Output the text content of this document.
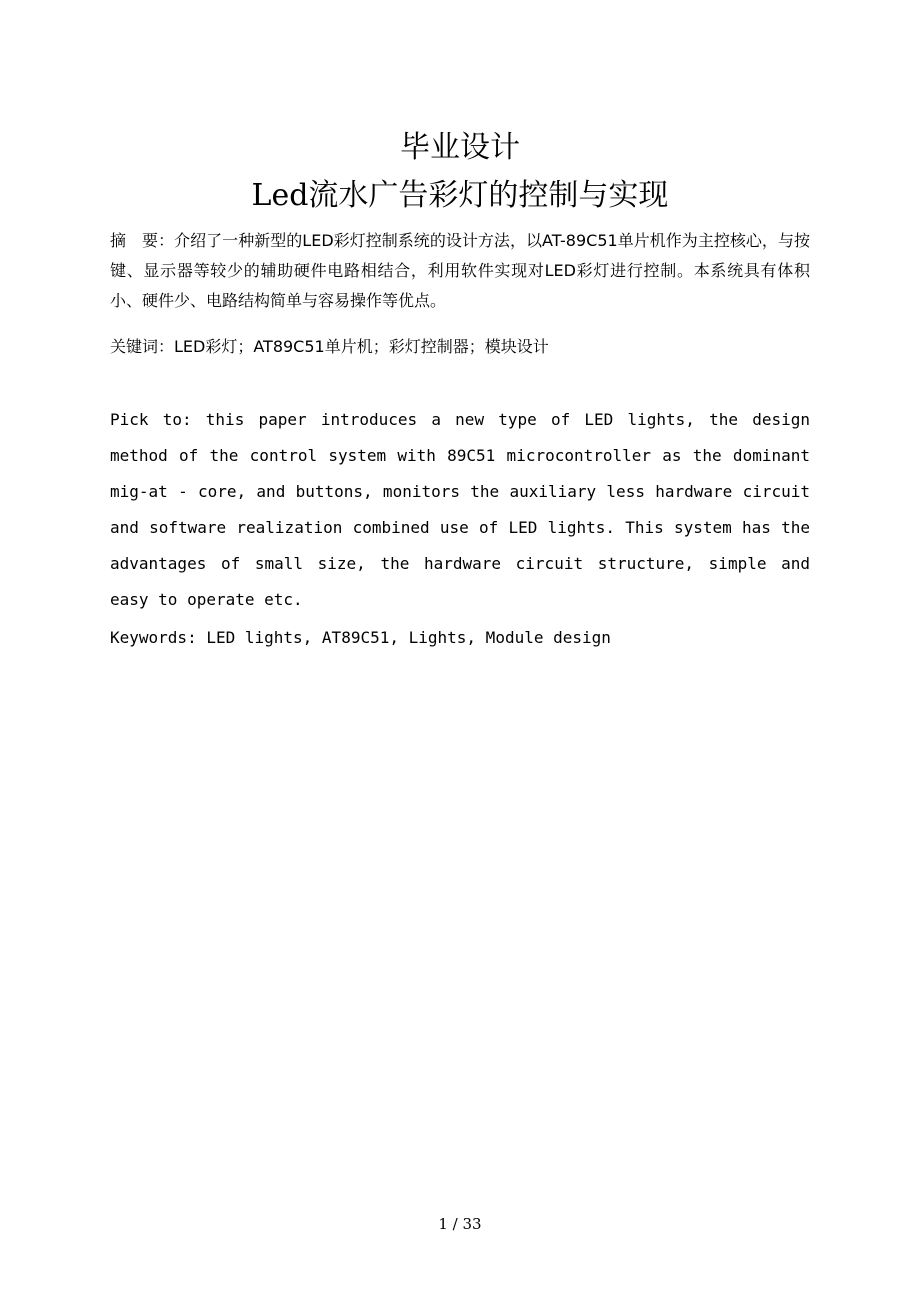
毕业设计
Led流水广告彩灯的控制与实现

摘　要：介绍了一种新型的LED彩灯控制系统的设计方法，以AT-89C51单片机作为主控核心，与按键、显示器等较少的辅助硬件电路相结合，利用软件实现对LED彩灯进行控制。本系统具有体积小、硬件少、电路结构简单与容易操作等优点。

关键词：LED彩灯；AT89C51单片机；彩灯控制器；模块设计

Pick to: this paper introduces a new type of LED lights, the design method of the control system with 89C51 microcontroller as the dominant mig-at - core, and buttons, monitors the auxiliary less hardware circuit and software realization combined use of LED lights. This system has the advantages of small size, the hardware circuit structure, simple and easy to operate etc.

Keywords: LED lights, AT89C51, Lights, Module design

1 / 33
